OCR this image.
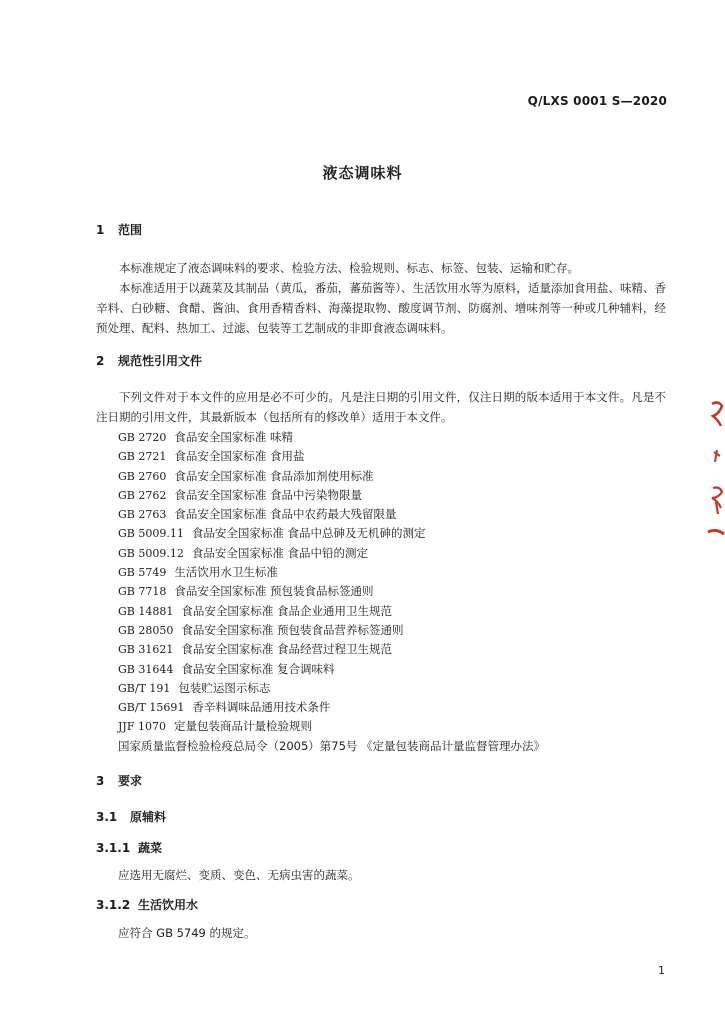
Q/LXS 0001 S—2020
液态调味料
1 范围
本标准规定了液态调味料的要求、检验方法、检验规则、标志、标签、包装、运输和贮存。
本标准适用于以蔬菜及其制品（黄瓜，番茄，蕃茄酱等）、生活饮用水等为原料，适量添加食用盐、味精、香辛料、白砂糖、食醋、酱油、食用香精香料、海藻提取物、酸度调节剂、防腐剂、增味剂等一种或几种辅料，经预处理、配料、热加工、过滤、包装等工艺制成的非即食液态调味料。
2 规范性引用文件
下列文件对于本文件的应用是必不可少的。凡是注日期的引用文件，仅注日期的版本适用于本文件。凡是不注日期的引用文件，其最新版本（包括所有的修改单）适用于本文件。
GB 2720 食品安全国家标准 味精
GB 2721 食品安全国家标准 食用盐
GB 2760 食品安全国家标准 食品添加剂使用标准
GB 2762 食品安全国家标准 食品中污染物限量
GB 2763 食品安全国家标准 食品中农药最大残留限量
GB 5009.11 食品安全国家标准 食品中总砷及无机砷的测定
GB 5009.12 食品安全国家标准 食品中铅的测定
GB 5749 生活饮用水卫生标准
GB 7718 食品安全国家标准 预包装食品标签通则
GB 14881 食品安全国家标准 食品企业通用卫生规范
GB 28050 食品安全国家标准 预包装食品营养标签通则
GB 31621 食品安全国家标准 食品经营过程卫生规范
GB 31644 食品安全国家标准 复合调味料
GB/T 191 包装贮运图示标志
GB/T 15691 香辛料调味品通用技术条件
JJF 1070 定量包装商品计量检验规则
国家质量监督检验检疫总局令（2005）第75号 《定量包装商品计量监督管理办法》
3 要求
3.1 原辅料
3.1.1 蔬菜
应选用无腐烂、变质、变色、无病虫害的蔬菜。
3.1.2 生活饮用水
应符合 GB 5749 的规定。
1
